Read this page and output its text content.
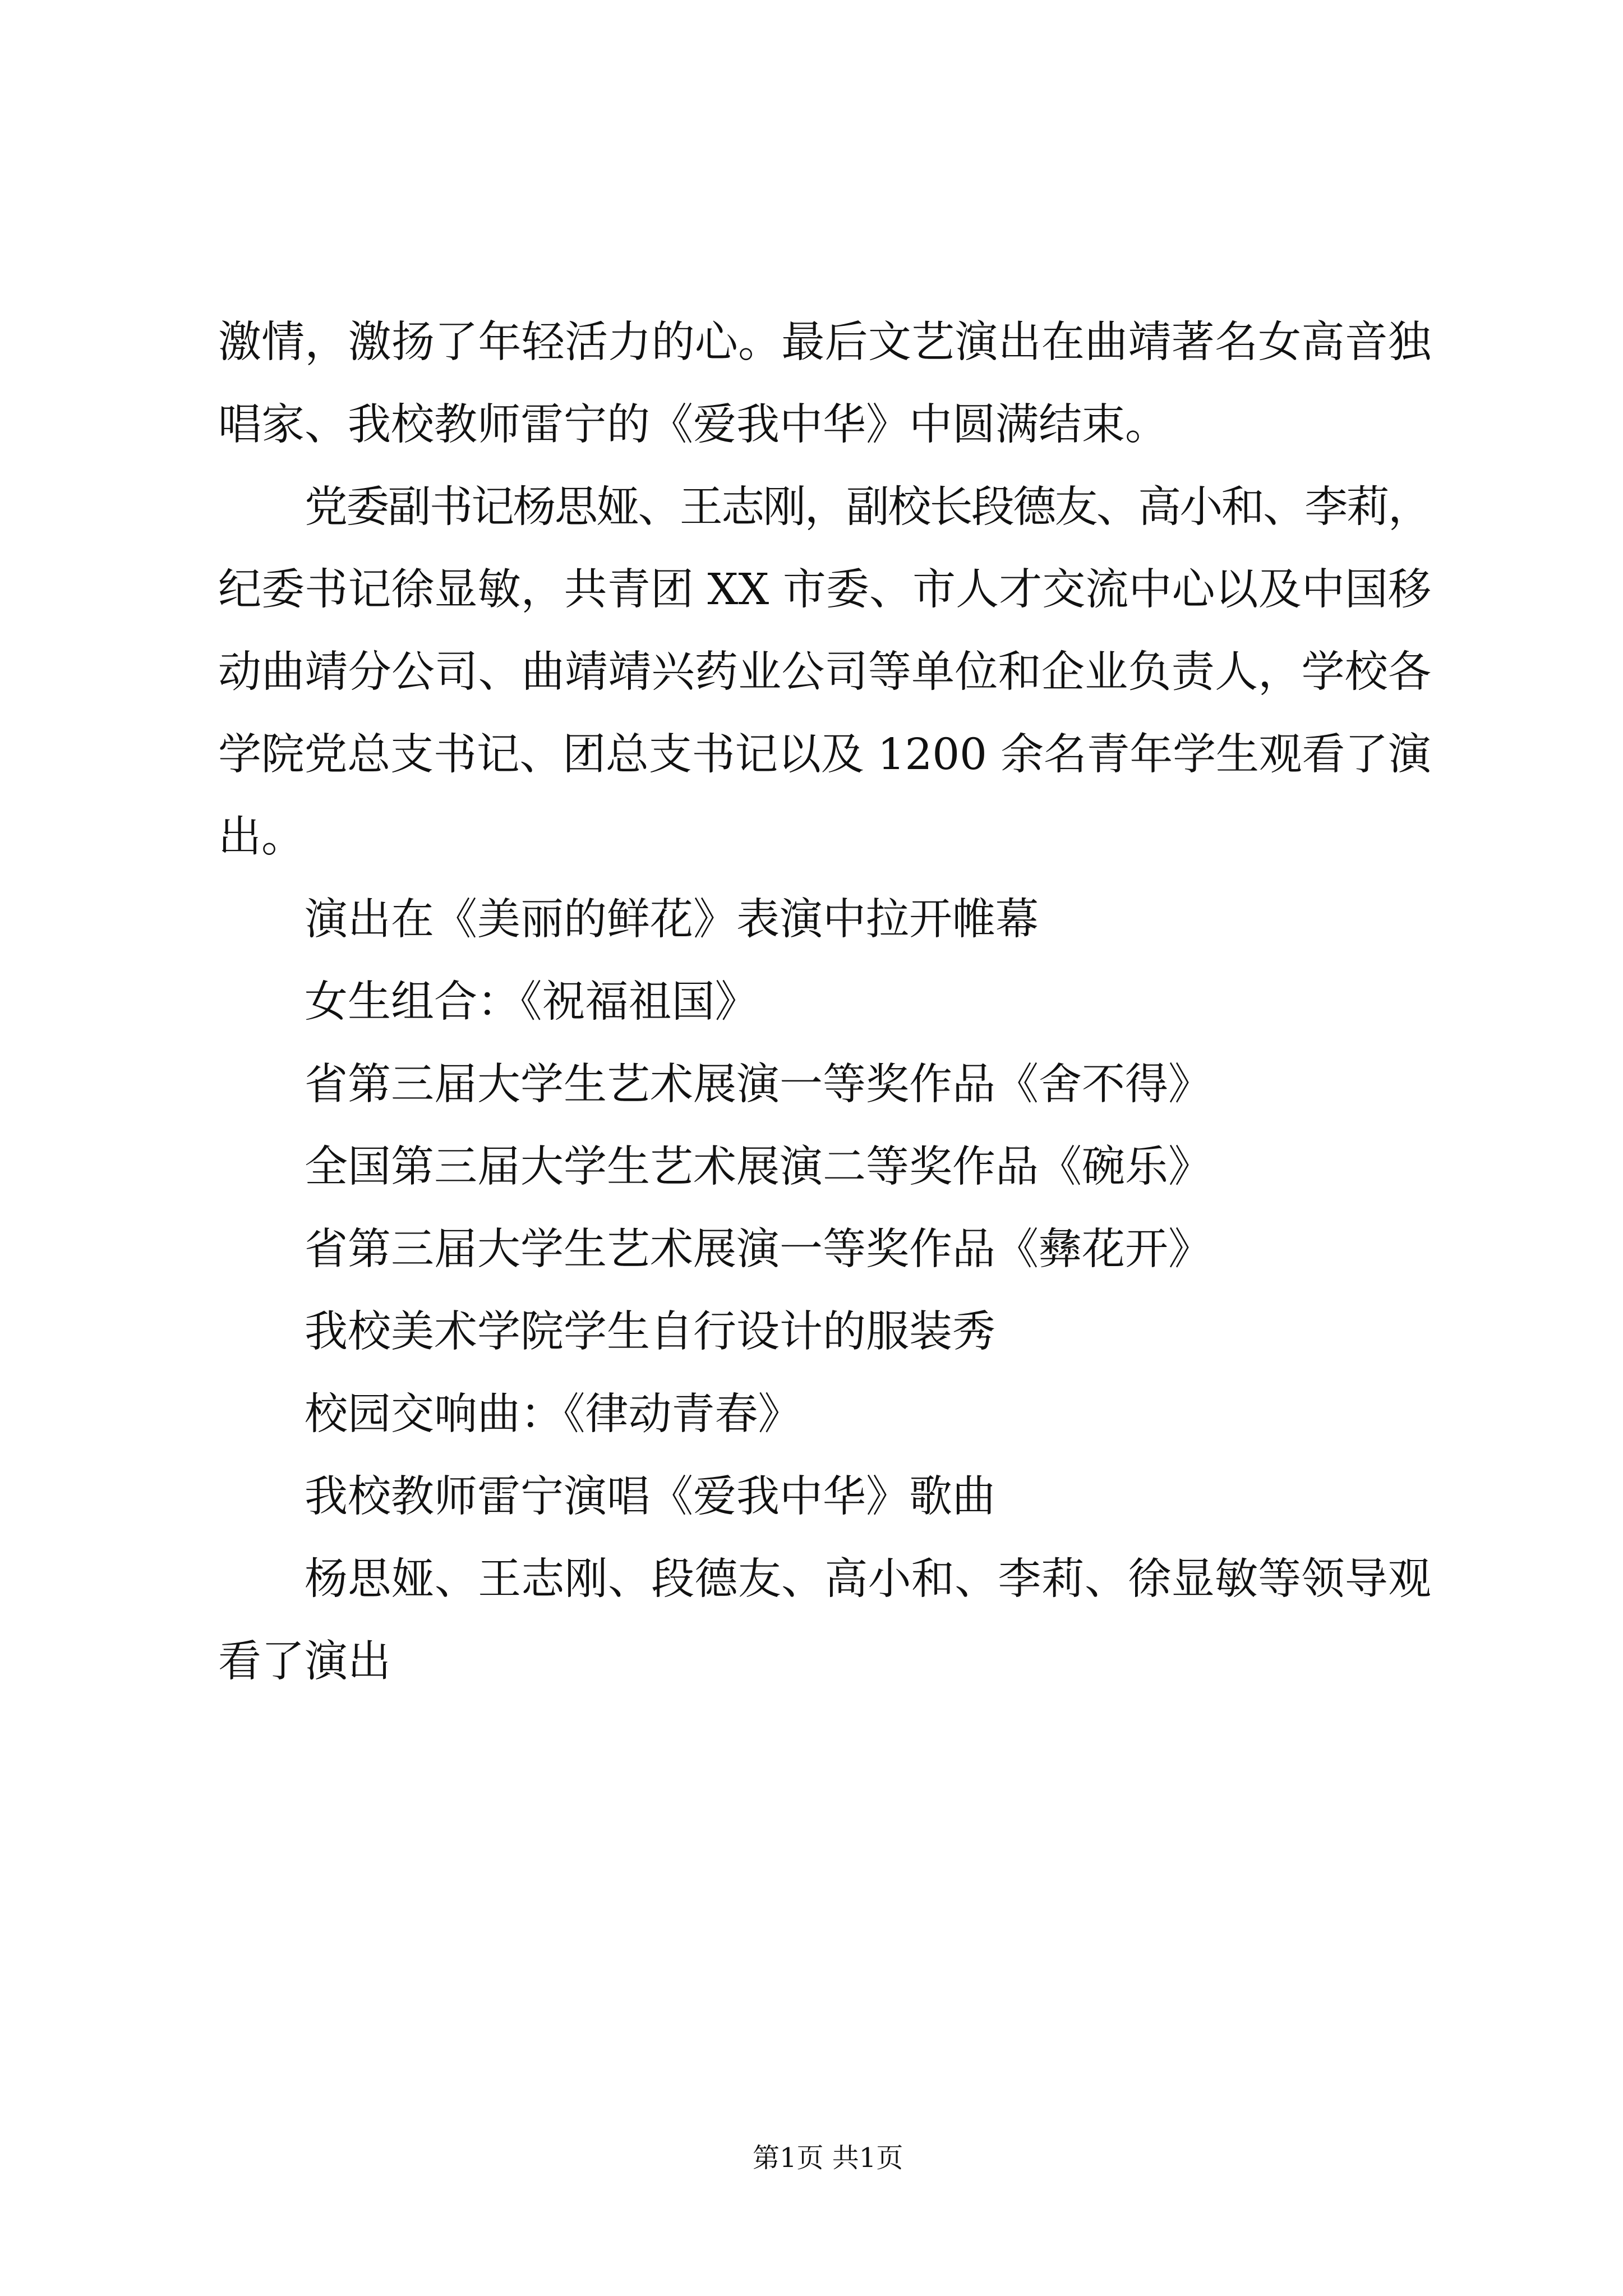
激情，激扬了年轻活力的心。最后文艺演出在曲靖著名女高音独
唱家、我校教师雷宁的《爱我中华》中圆满结束。
党委副书记杨思娅、王志刚，副校长段德友、高小和、李莉，
纪委书记徐显敏，共青团 XX 市委、市人才交流中心以及中国移
动曲靖分公司、曲靖靖兴药业公司等单位和企业负责人，学校各
学院党总支书记、团总支书记以及 1200 余名青年学生观看了演
出。
演出在《美丽的鲜花》表演中拉开帷幕
女生组合：《祝福祖国》
省第三届大学生艺术展演一等奖作品《舍不得》
全国第三届大学生艺术展演二等奖作品《碗乐》
省第三届大学生艺术展演一等奖作品《彝花开》
我校美术学院学生自行设计的服装秀
校园交响曲：《律动青春》
我校教师雷宁演唱《爱我中华》歌曲
杨思娅、王志刚、段德友、高小和、李莉、徐显敏等领导观
看了演出
第1页 共1页
